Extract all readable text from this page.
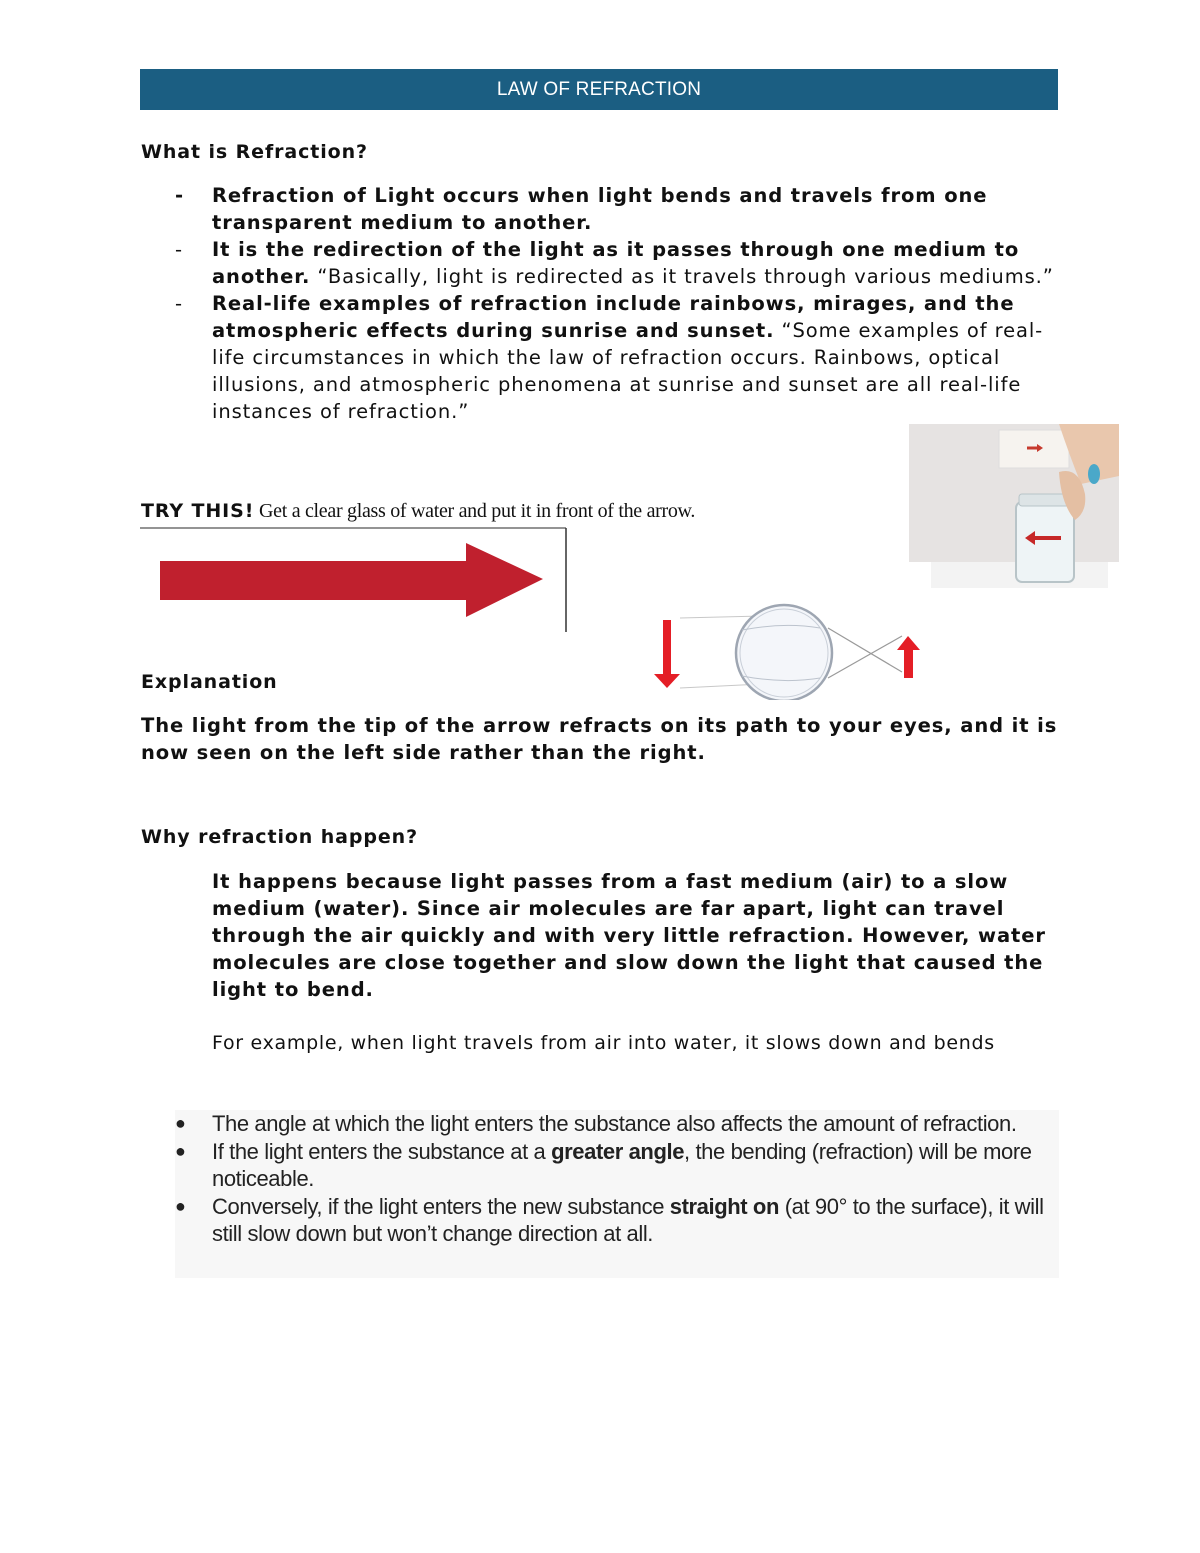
LAW OF REFRACTION
What is Refraction?
- Refraction of Light occurs when light bends and travels from one transparent medium to another.
- It is the redirection of the light as it passes through one medium to another. “Basically, light is redirected as it travels through various mediums.”
- Real-life examples of refraction include rainbows, mirages, and the atmospheric effects during sunrise and sunset. “Some examples of real-life circumstances in which the law of refraction occurs. Rainbows, optical illusions, and atmospheric phenomena at sunrise and sunset are all real-life instances of refraction.”
TRY THIS! Get a clear glass of water and put it in front of the arrow.
Explanation
The light from the tip of the arrow refracts on its path to your eyes, and it is now seen on the left side rather than the right.
Why refraction happen?
It happens because light passes from a fast medium (air) to a slow medium (water). Since air molecules are far apart, light can travel through the air quickly and with very little refraction. However, water molecules are close together and slow down the light that caused the light to bend.
For example, when light travels from air into water, it slows down and bends
● The angle at which the light enters the substance also affects the amount of refraction.
● If the light enters the substance at a greater angle, the bending (refraction) will be more noticeable.
● Conversely, if the light enters the new substance straight on (at 90° to the surface), it will still slow down but won’t change direction at all.
